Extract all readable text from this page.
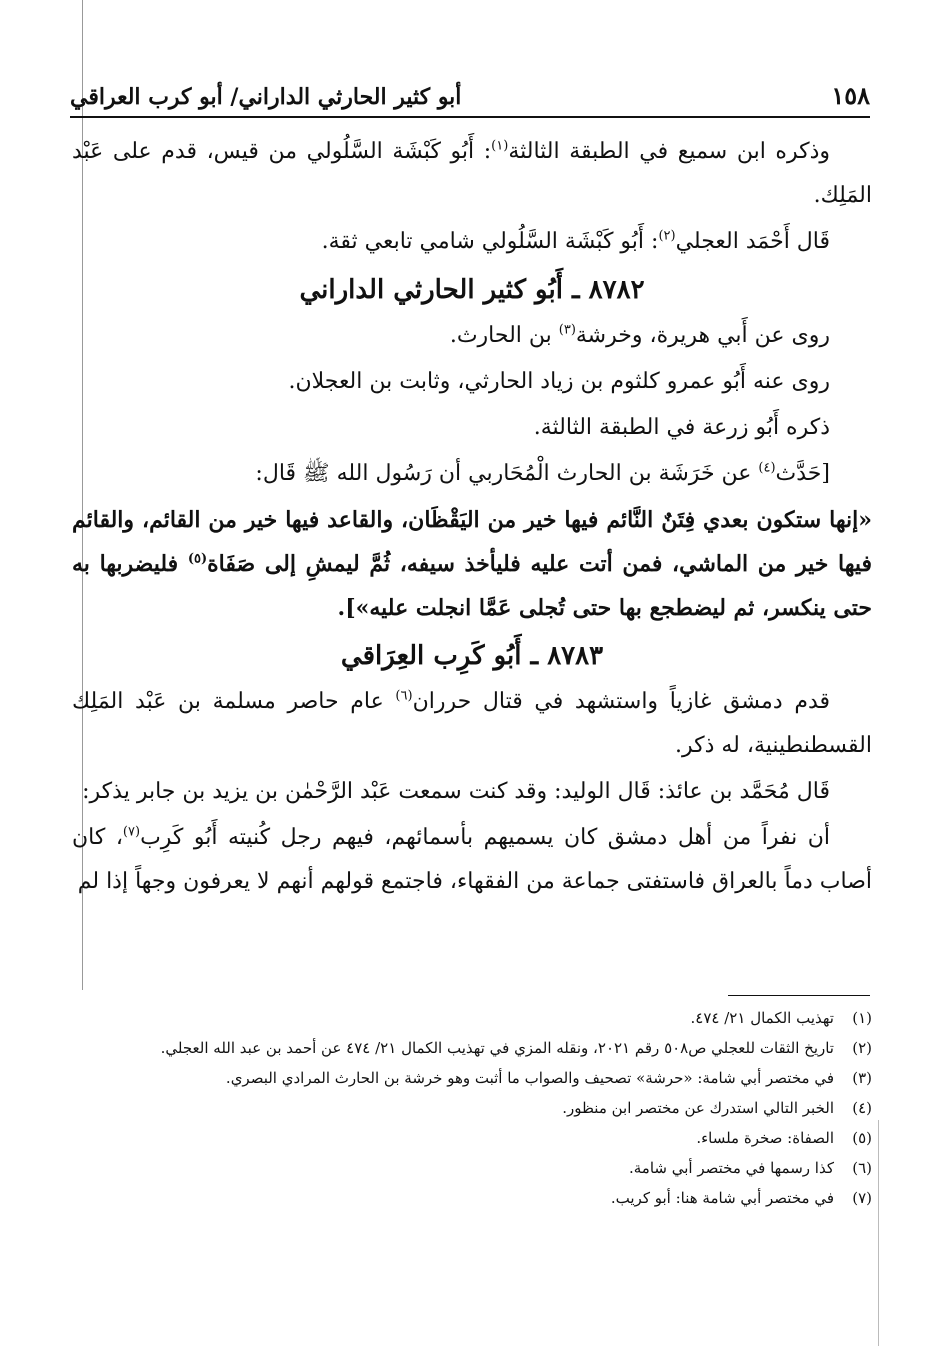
١٥٨
أبو كثير الحارثي الداراني/ أبو كرب العراقي

وذكره ابن سميع في الطبقة الثالثة$^{(١)}$: أَبُو كَبْشَة السَّلُولي من قيس، قدم على عَبْد المَلِك.

قَال أَحْمَد العجلي$^{(٢)}$: أَبُو كَبْشَة السَّلُولي شامي تابعي ثقة.

٨٧٨٢ ـ أَبُو كثير الحارثي الداراني

روى عن أَبي هريرة، وخرشة$^{(٣)}$ بن الحارث.

روى عنه أَبُو عمرو كلثوم بن زياد الحارثي، وثابت بن العجلان.

ذكره أَبُو زرعة في الطبقة الثالثة.

[حَدَّث$^{(٤)}$ عن خَرَشَة بن الحارث الْمُحَاربي أن رَسُول الله ﷺ قَال:

«إنها ستكون بعدي فِتَنٌ النَّائم فيها خير من اليَقْظَان، والقاعد فيها خير من القائم، والقائم فيها خير من الماشي، فمن أتت عليه فليأخذ سيفه، ثُمَّ ليمشِ إلى صَفَاة$^{(٥)}$ فليضربها به حتى ينكسر، ثم ليضطجع بها حتى تُجلى عَمَّا انجلت عليه»].

٨٧٨٣ ـ أَبُو كَرِب العِرَاقي

قدم دمشق غازياً واستشهد في قتال حرران$^{(٦)}$ عام حاصر مسلمة بن عَبْد المَلِك القسطنطينية، له ذكر.

قَال مُحَمَّد بن عائذ: قَال الوليد: وقد كنت سمعت عَبْد الرَّحْمٰن بن يزيد بن جابر يذكر:

أن نفراً من أهل دمشق كان يسميهم بأسمائهم، فيهم رجل كُنيته أَبُو كَرِب$^{(٧)}$، كان أصاب دماً بالعراق فاستفتى جماعة من الفقهاء، فاجتمع قولهم أنهم لا يعرفون وجهاً إذا لم

(١)
تهذيب الكمال ٢١/ ٤٧٤.
(٢)
تاريخ الثقات للعجلي ص٥٠٨ رقم ٢٠٢١، ونقله المزي في تهذيب الكمال ٢١/ ٤٧٤ عن أحمد بن عبد الله العجلي.
(٣)
في مختصر أبي شامة: «حرشة» تصحيف والصواب ما أثبت وهو خرشة بن الحارث المرادي البصري.
(٤)
الخبر التالي استدرك عن مختصر ابن منظور.
(٥)
الصفاة: صخرة ملساء.
(٦)
كذا رسمها في مختصر أبي شامة.
(٧)
في مختصر أبي شامة هنا: أبو كريب.
